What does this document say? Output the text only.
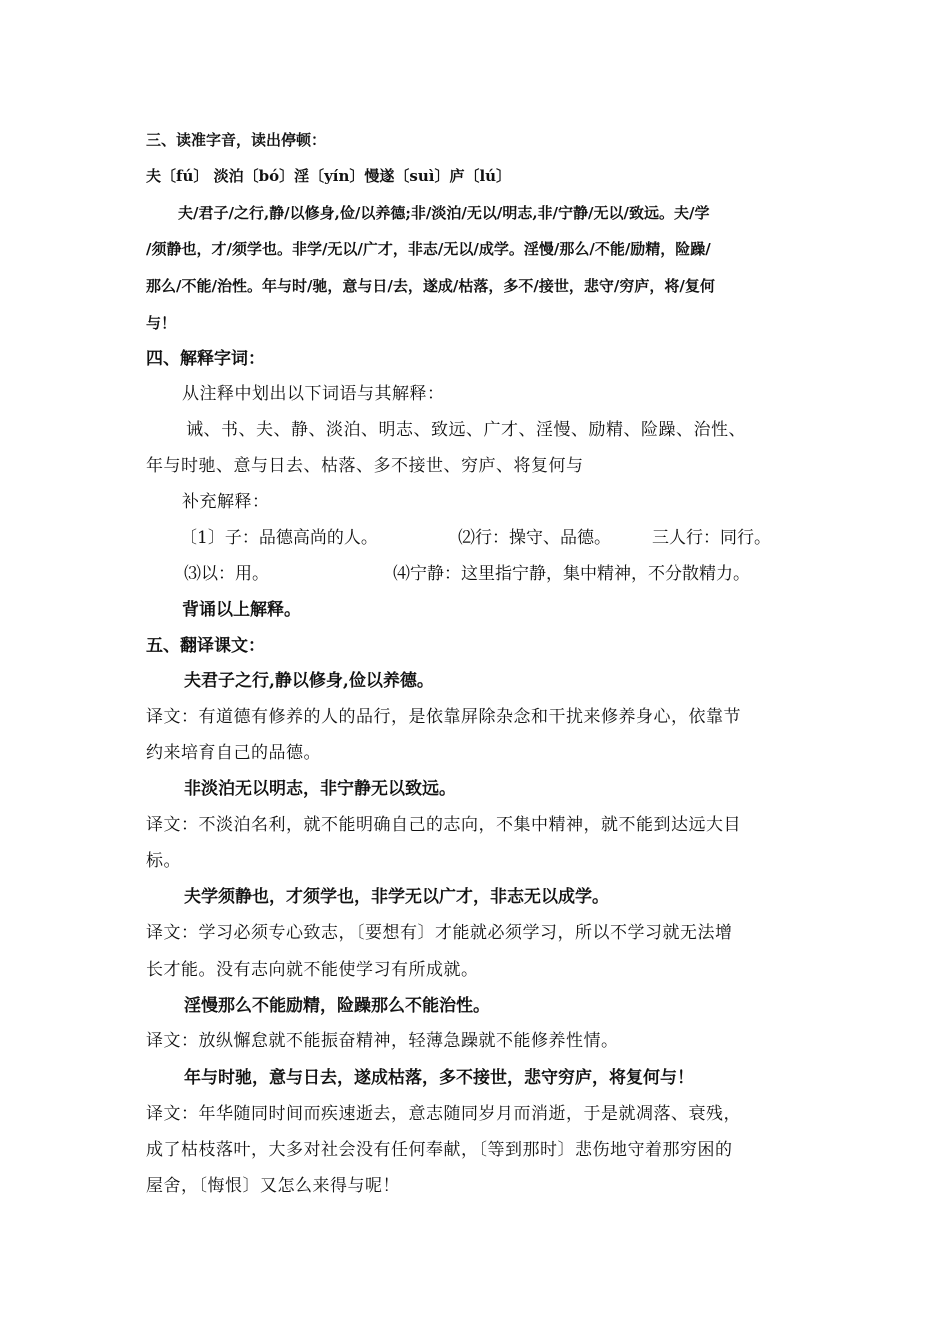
三、读准字音，读出停顿：
夫〔fú〕 淡泊〔bó〕淫〔yín〕慢遂〔suì〕庐〔lú〕
夫/君子/之行,静/以修身,俭/以养德;非/淡泊/无以/明志,非/宁静/无以/致远。夫/学
/须静也，才/须学也。非学/无以/广才，非志/无以/成学。淫慢/那么/不能/励精，险躁/
那么/不能/治性。年与时/驰，意与日/去，遂成/枯落，多不/接世，悲守/穷庐，将/复何
与！
四、解释字词：
从注释中划出以下词语与其解释：
诫、书、夫、静、淡泊、明志、致远、广才、淫慢、励精、险躁、治性、
年与时驰、意与日去、枯落、多不接世、穷庐、将复何与
补充解释：
〔1〕子：品德高尚的人。	⑵行：操守、品德。 三人行：同行。
⑶以：用。	⑷宁静：这里指宁静，集中精神，不分散精力。
背诵以上解释。
五、翻译课文：
夫君子之行,静以修身,俭以养德。
译文：有道德有修养的人的品行，是依靠屏除杂念和干扰来修养身心，依靠节
约来培育自己的品德。
非淡泊无以明志，非宁静无以致远。
译文：不淡泊名利，就不能明确自己的志向，不集中精神，就不能到达远大目
标。
夫学须静也，才须学也，非学无以广才，非志无以成学。
译文：学习必须专心致志，〔要想有〕才能就必须学习，所以不学习就无法增
长才能。没有志向就不能使学习有所成就。
淫慢那么不能励精，险躁那么不能治性。
译文：放纵懈怠就不能振奋精神，轻薄急躁就不能修养性情。
年与时驰，意与日去，遂成枯落，多不接世，悲守穷庐，将复何与！
译文：年华随同时间而疾速逝去，意志随同岁月而消逝，于是就凋落、衰残，
成了枯枝落叶，大多对社会没有任何奉献，〔等到那时〕悲伤地守着那穷困的
屋舍，〔悔恨〕又怎么来得与呢！
